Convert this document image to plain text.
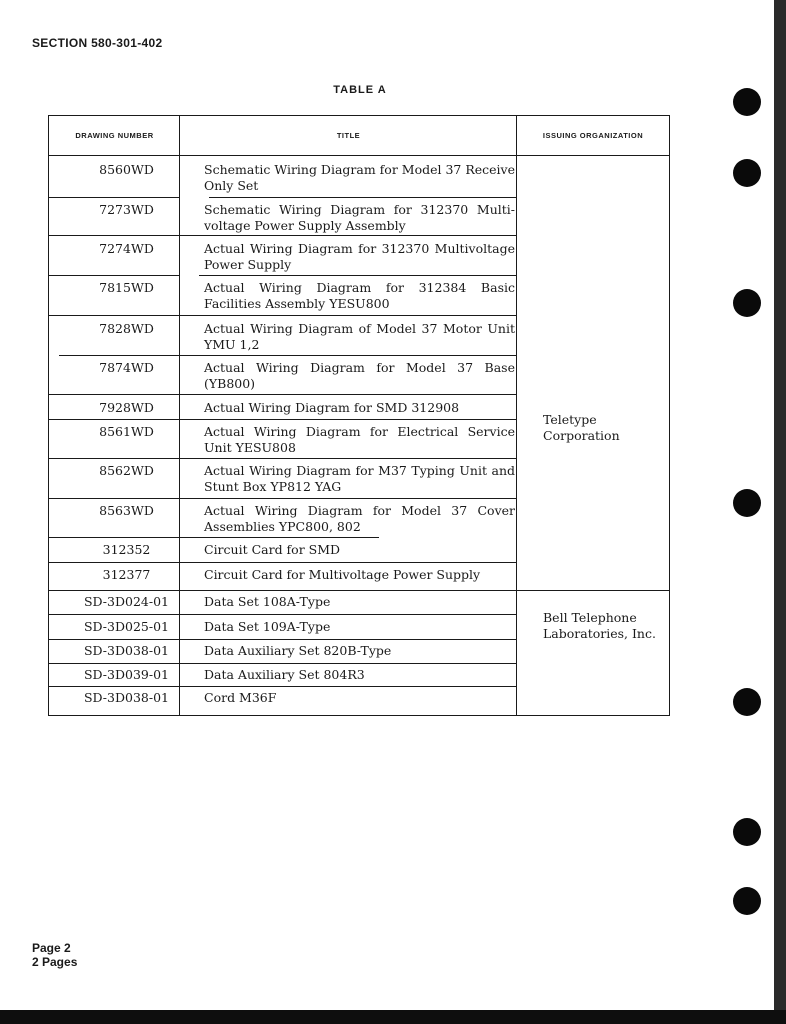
SECTION 580-301-402
TABLE A
DRAWING NUMBER	TITLE	ISSUING ORGANIZATION
8560WD
7273WD
7274WD
7815WD
7828WD
7874WD
7928WD
8561WD
8562WD
8563WD
312352
312377
SD-3D024-01
SD-3D025-01
SD-3D038-01
SD-3D039-01
SD-3D038-01
Schematic Wiring Diagram for Model 37 Receive Only Set
Schematic Wiring Diagram for 312370 Multi-voltage Power Supply Assembly
Actual Wiring Diagram for 312370 Multivoltage Power Supply
Actual Wiring Diagram for 312384 Basic Facilities Assembly YESU800
Actual Wiring Diagram of Model 37 Motor Unit YMU 1,2
Actual Wiring Diagram for Model 37 Base (YB800)
Actual Wiring Diagram for SMD 312908
Actual Wiring Diagram for Electrical Service Unit YESU808
Actual Wiring Diagram for M37 Typing Unit and Stunt Box YP812 YAG
Actual Wiring Diagram for Model 37 Cover Assemblies YPC800, 802
Circuit Card for SMD
Circuit Card for Multivoltage Power Supply
Data Set 108A-Type
Data Set 109A-Type
Data Auxiliary Set 820B-Type
Data Auxiliary Set 804R3
Cord M36F
Teletype Corporation
Bell Telephone Laboratories, Inc.
Page 2
2 Pages
